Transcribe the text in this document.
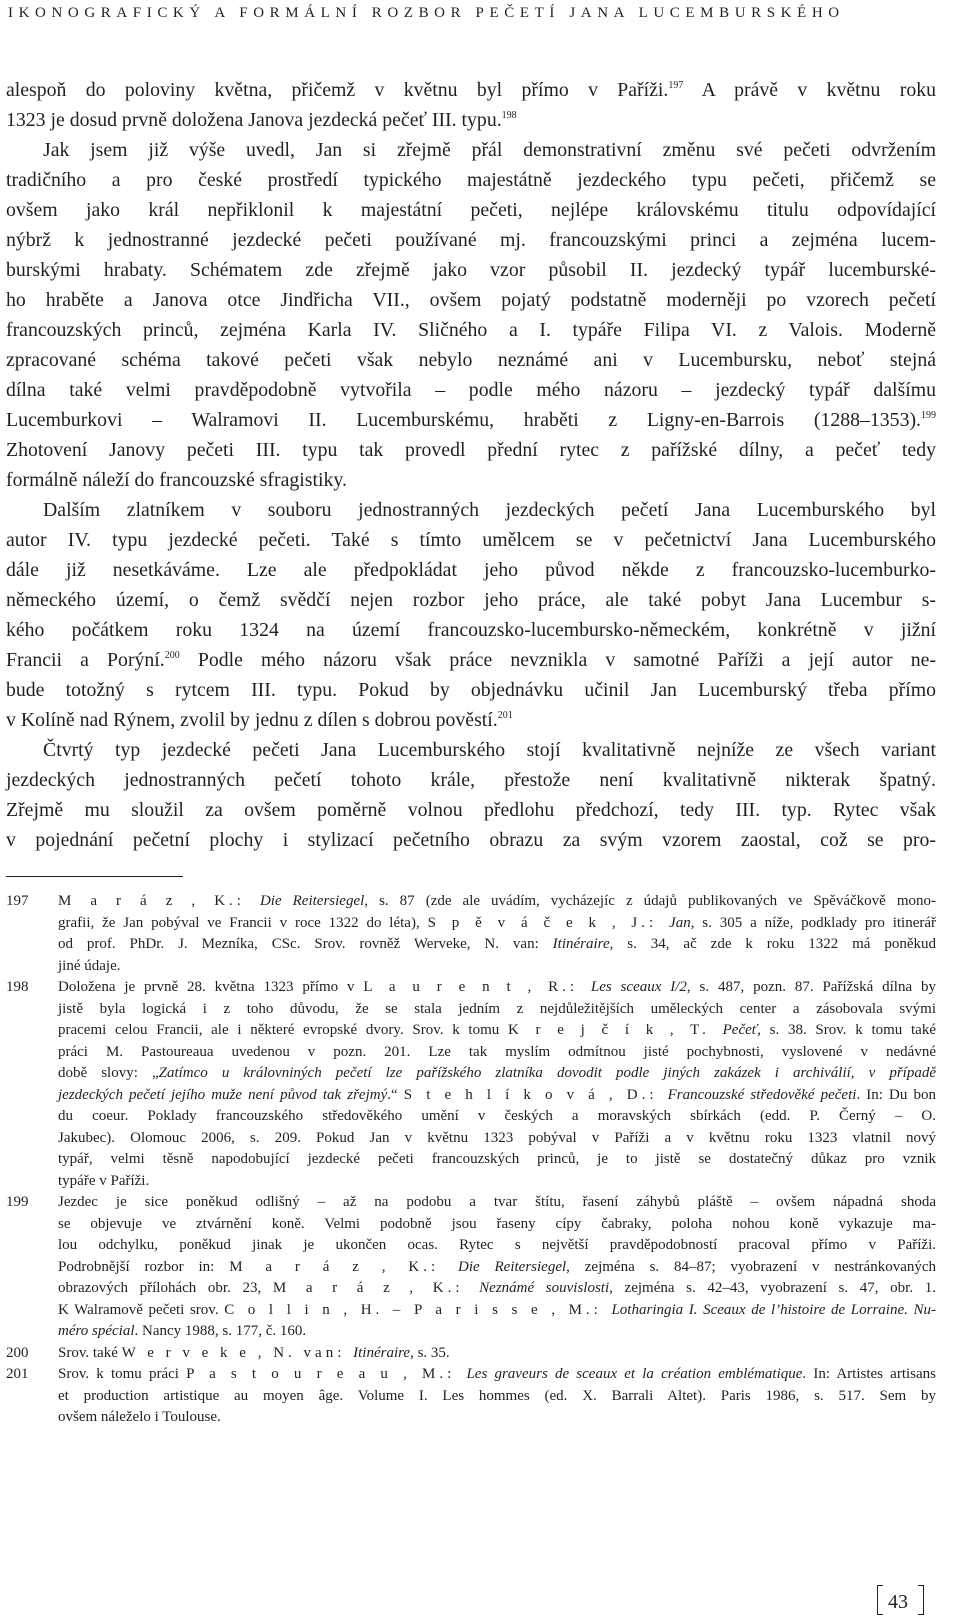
IKONOGRAFICKÝ A FORMÁLNÍ ROZBOR PEČETÍ JANA LUCEMBURSKÉHO
alespoň do poloviny května, přičemž v květnu byl přímo v Paříži.$^{197}$ A právě v květnu roku
1323 je dosud prvně doložena Janova jezdecká pečeť III. typu.$^{198}$
Jak jsem již výše uvedl, Jan si zřejmě přál demonstrativní změnu své pečeti odvržením
tradičního a pro české prostředí typického majestátně jezdeckého typu pečeti, přičemž se
ovšem jako král nepřiklonil k majestátní pečeti, nejlépe královskému titulu odpovídající
nýbrž k jednostranné jezdecké pečeti používané mj. francouzskými princi a zejména lucem-
burskými hrabaty. Schématem zde zřejmě jako vzor působil II. jezdecký typář lucemburské-
ho hraběte a Janova otce Jindřicha VII., ovšem pojatý podstatně moderněji po vzorech pečetí
francouzských princů, zejména Karla IV. Sličného a I. typáře Filipa VI. z Valois. Moderně
zpracované schéma takové pečeti však nebylo neznámé ani v Lucembursku, neboť stejná
dílna také velmi pravděpodobně vytvořila – podle mého názoru – jezdecký typář dalšímu
Lucemburkovi – Walramovi II. Lucemburskému, hraběti z Ligny-en-Barrois (1288–1353).$^{199}$
Zhotovení Janovy pečeti III. typu tak provedl přední rytec z pařížské dílny, a pečeť tedy
formálně náleží do francouzské sfragistiky.
Dalším zlatníkem v souboru jednostranných jezdeckých pečetí Jana Lucemburského byl
autor IV. typu jezdecké pečeti. Také s tímto umělcem se v pečetnictví Jana Lucemburského
dále již nesetkáváme. Lze ale předpokládat jeho původ někde z francouzsko-lucemburko-
německého území, o čemž svědčí nejen rozbor jeho práce, ale také pobyt Jana Lucembur s-
kého počátkem roku 1324 na území francouzsko-lucembursko-německém, konkrétně v jižní
Francii a Porýní.$^{200}$ Podle mého názoru však práce nevznikla v samotné Paříži a její autor ne-
bude totožný s rytcem III. typu. Pokud by objednávku učinil Jan Lucemburský třeba přímo
v Kolíně nad Rýnem, zvolil by jednu z dílen s dobrou pověstí.$^{201}$
Čtvrtý typ jezdecké pečeti Jana Lucemburského stojí kvalitativně nejníže ze všech variant
jezdeckých jednostranných pečetí tohoto krále, přestože není kvalitativně nikterak špatný.
Zřejmě mu sloužil za ovšem poměrně volnou předlohu předchozí, tedy III. typ. Rytec však
v pojednání pečetní plochy i stylizací pečetního obrazu za svým vzorem zaostal, což se pro-
197	M a r á z , K.: Die Reitersiegel, s. 87 (zde ale uvádím, vycházejíc z údajů publikovaných ve Spěváčkově mono-
grafii, že Jan pobýval ve Francii v roce 1322 do léta), S p ě v á č e k , J.: Jan, s. 305 a níže, podklady pro itinerář
od prof. PhDr. J. Mezníka, CSc. Srov. rovněž Werveke, N. van: Itinéraire, s. 34, ač zde k roku 1322 má poněkud
jiné údaje.
198	Doložena je prvně 28. května 1323 přímo v L a u r e n t , R.: Les sceaux I/2, s. 487, pozn. 87. Pařížská dílna by
jistě byla logická i z toho důvodu, že se stala jedním z nejdůležitějších uměleckých center a zásobovala svými
pracemi celou Francii, ale i některé evropské dvory. Srov. k tomu K r e j č í k , T. Pečeť, s. 38. Srov. k tomu také
práci M. Pastoureaua uvedenou v pozn. 201. Lze tak myslím odmítnou jisté pochybnosti, vyslovené v nedávné
době slovy: „Zatímco u královniných pečetí lze pařížského zlatníka dovodit podle jiných zakázek i archiválií, v případě
jezdeckých pečetí jejího muže není původ tak zřejmý.“ S t e h l í k o v á , D.: Francouzské středověké pečeti. In: Du bon
du coeur. Poklady francouzského středověkého umění v českých a moravských sbírkách (edd. P. Černý – O.
Jakubec). Olomouc 2006, s. 209. Pokud Jan v květnu 1323 pobýval v Paříži a v květnu roku 1323 vlatnil nový
typář, velmi těsně napodobující jezdecké pečeti francouzských princů, je to jistě se dostatečný důkaz pro vznik
typáře v Paříži.
199	Jezdec je sice poněkud odlišný – až na podobu a tvar štítu, řasení záhybů pláště – ovšem nápadná shoda
se objevuje ve ztvárnění koně. Velmi podobně jsou řaseny cípy čabraky, poloha nohou koně vykazuje ma-
lou odchylku, poněkud jinak je ukončen ocas. Rytec s největší pravděpodobností pracoval přímo v Paříži.
Podrobnější rozbor in: M a r á z , K.: Die Reitersiegel, zejména s. 84–87; vyobrazení v nestránkovaných
obrazových přílohách obr. 23, M a r á z , K.: Neznámé souvislosti, zejména s. 42–43, vyobrazení s. 47, obr. 1.
K Walramově pečeti srov. C o l l i n , H. – P a r i s s e , M.: Lotharingia I. Sceaux de l’histoire de Lorraine. Nu-
méro spécial. Nancy 1988, s. 177, č. 160.
200	Srov. také W e r v e k e , N. van: Itinéraire, s. 35.
201	Srov. k tomu práci P a s t o u r e a u , M.: Les graveurs de sceaux et la création emblématique. In: Artistes artisans
et production artistique au moyen âge. Volume I. Les hommes (ed. X. Barrali Altet). Paris 1986, s. 517. Sem by
ovšem náleželo i Toulouse.
43
